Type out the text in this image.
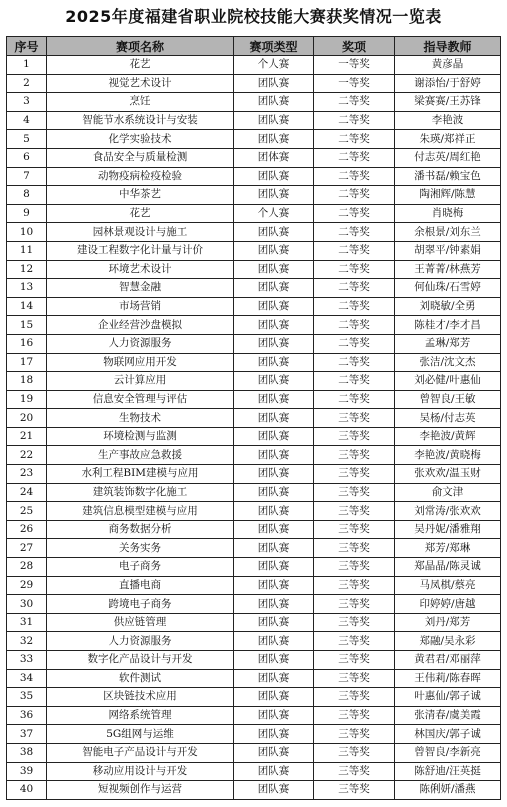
2025年度福建省职业院校技能大赛获奖情况一览表
序号	赛项名称	赛项类型	奖项	指导教师
1	花艺	个人赛	一等奖	黄彦晶
2	视觉艺术设计	团队赛	一等奖	谢添怡/于舒婷
3	烹饪	团队赛	二等奖	梁赛赛/王苏锋
4	智能节水系统设计与安装	团队赛	二等奖	李艳波
5	化学实验技术	团队赛	二等奖	朱瑛/郑祥正
6	食品安全与质量检测	团体赛	二等奖	付志英/周红艳
7	动物疫病检疫检验	团队赛	二等奖	潘书磊/赖宝色
8	中华茶艺	团队赛	二等奖	陶湘辉/陈慧
9	花艺	个人赛	二等奖	肖晓梅
10	园林景观设计与施工	团队赛	二等奖	余根景/刘东兰
11	建设工程数字化计量与计价	团队赛	二等奖	胡翠平/钟素娟
12	环境艺术设计	团队赛	二等奖	王菁菁/林燕芳
13	智慧金融	团队赛	二等奖	何仙珠/石雪婷
14	市场营销	团队赛	二等奖	刘晓敏/全勇
15	企业经营沙盘模拟	团队赛	二等奖	陈桂才/李才昌
16	人力资源服务	团队赛	二等奖	孟琳/郑芳
17	物联网应用开发	团队赛	二等奖	张洁/沈文杰
18	云计算应用	团队赛	二等奖	刘必健/叶惠仙
19	信息安全管理与评估	团队赛	二等奖	曾智良/王敏
20	生物技术	团队赛	三等奖	吴杨/付志英
21	环境检测与监测	团队赛	三等奖	李艳波/黄辉
22	生产事故应急救援	团队赛	三等奖	李艳波/黄晓梅
23	水利工程BIM建模与应用	团队赛	三等奖	张欢欢/温玉财
24	建筑装饰数字化施工	团队赛	三等奖	俞文津
25	建筑信息模型建模与应用	团队赛	三等奖	刘常涛/张欢欢
26	商务数据分析	团队赛	三等奖	吴丹妮/潘雅翔
27	关务实务	团队赛	三等奖	郑芳/郑琳
28	电子商务	团队赛	三等奖	郑晶晶/陈灵诚
29	直播电商	团队赛	三等奖	马凤棋/蔡亮
30	跨境电子商务	团队赛	三等奖	印婷婷/唐越
31	供应链管理	团队赛	三等奖	刘丹/郑芳
32	人力资源服务	团队赛	三等奖	郑融/吴永彩
33	数字化产品设计与开发	团队赛	三等奖	黄君君/邓丽萍
34	软件测试	团队赛	三等奖	王伟莉/陈春晖
35	区块链技术应用	团队赛	三等奖	叶惠仙/郭子诚
36	网络系统管理	团队赛	三等奖	张清春/虞美霞
37	5G组网与运维	团队赛	三等奖	林国庆/郭子诚
38	智能电子产品设计与开发	团队赛	三等奖	曾智良/李新亮
39	移动应用设计与开发	团队赛	三等奖	陈舒迪/汪英挺
40	短视频创作与运营	团队赛	三等奖	陈俐妍/潘燕
